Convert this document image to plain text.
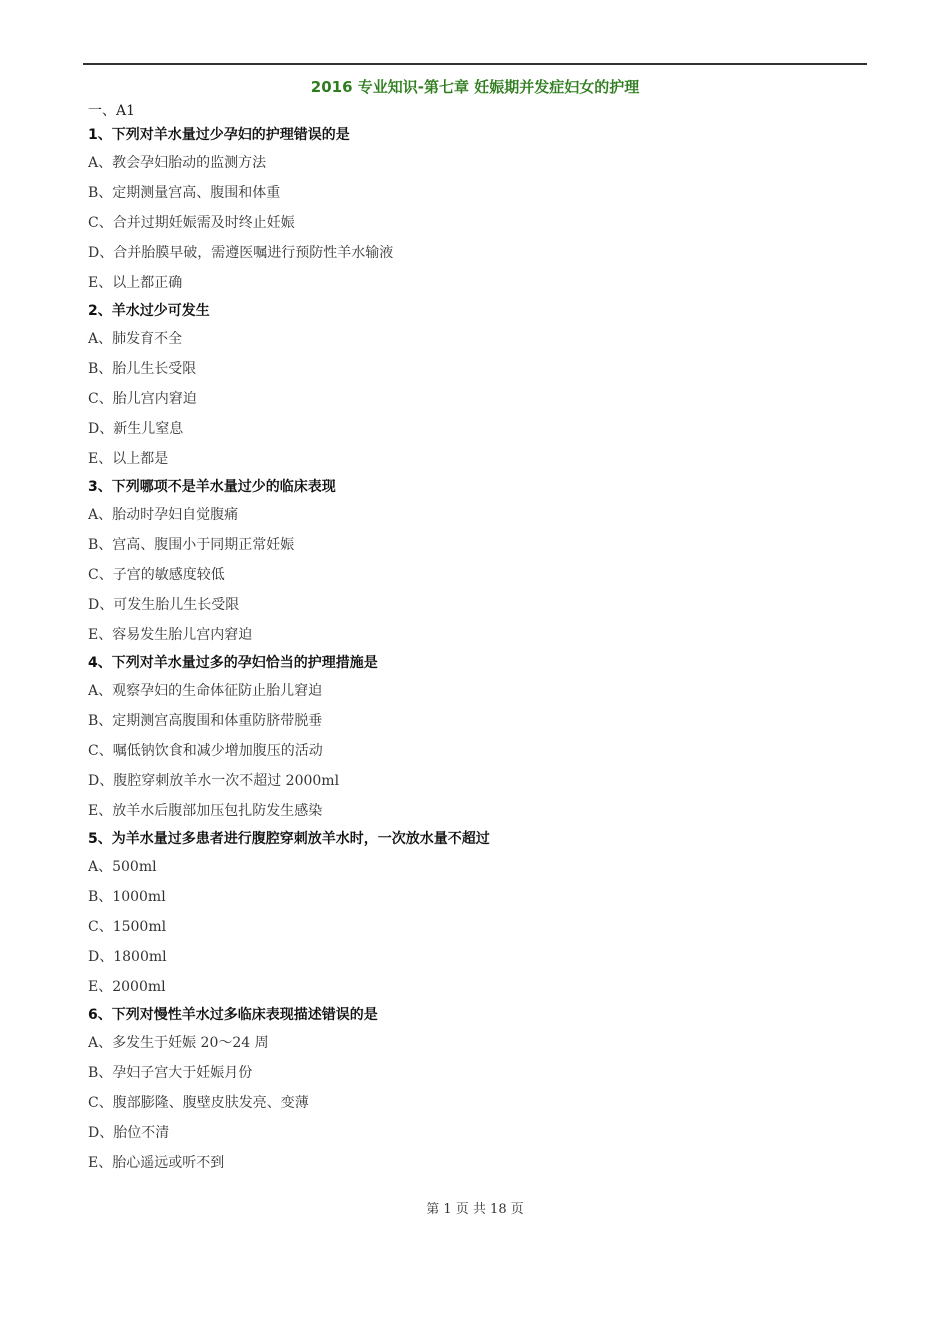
2016 专业知识-第七章 妊娠期并发症妇女的护理

一、A1

1、下列对羊水量过少孕妇的护理错误的是

A、教会孕妇胎动的监测方法

B、定期测量宫高、腹围和体重

C、合并过期妊娠需及时终止妊娠

D、合并胎膜早破，需遵医嘱进行预防性羊水输液

E、以上都正确

2、羊水过少可发生

A、肺发育不全

B、胎儿生长受限

C、胎儿宫内窘迫

D、新生儿窒息

E、以上都是

3、下列哪项不是羊水量过少的临床表现

A、胎动时孕妇自觉腹痛

B、宫高、腹围小于同期正常妊娠

C、子宫的敏感度较低

D、可发生胎儿生长受限

E、容易发生胎儿宫内窘迫

4、下列对羊水量过多的孕妇恰当的护理措施是

A、观察孕妇的生命体征防止胎儿窘迫

B、定期测宫高腹围和体重防脐带脱垂

C、嘱低钠饮食和减少增加腹压的活动

D、腹腔穿刺放羊水一次不超过 2000ml

E、放羊水后腹部加压包扎防发生感染

5、为羊水量过多患者进行腹腔穿刺放羊水时，一次放水量不超过

A、500ml

B、1000ml

C、1500ml

D、1800ml

E、2000ml

6、下列对慢性羊水过多临床表现描述错误的是

A、多发生于妊娠 20～24 周

B、孕妇子宫大于妊娠月份

C、腹部膨隆、腹壁皮肤发亮、变薄

D、胎位不清

E、胎心遥远或听不到

第 1 页 共 18 页
